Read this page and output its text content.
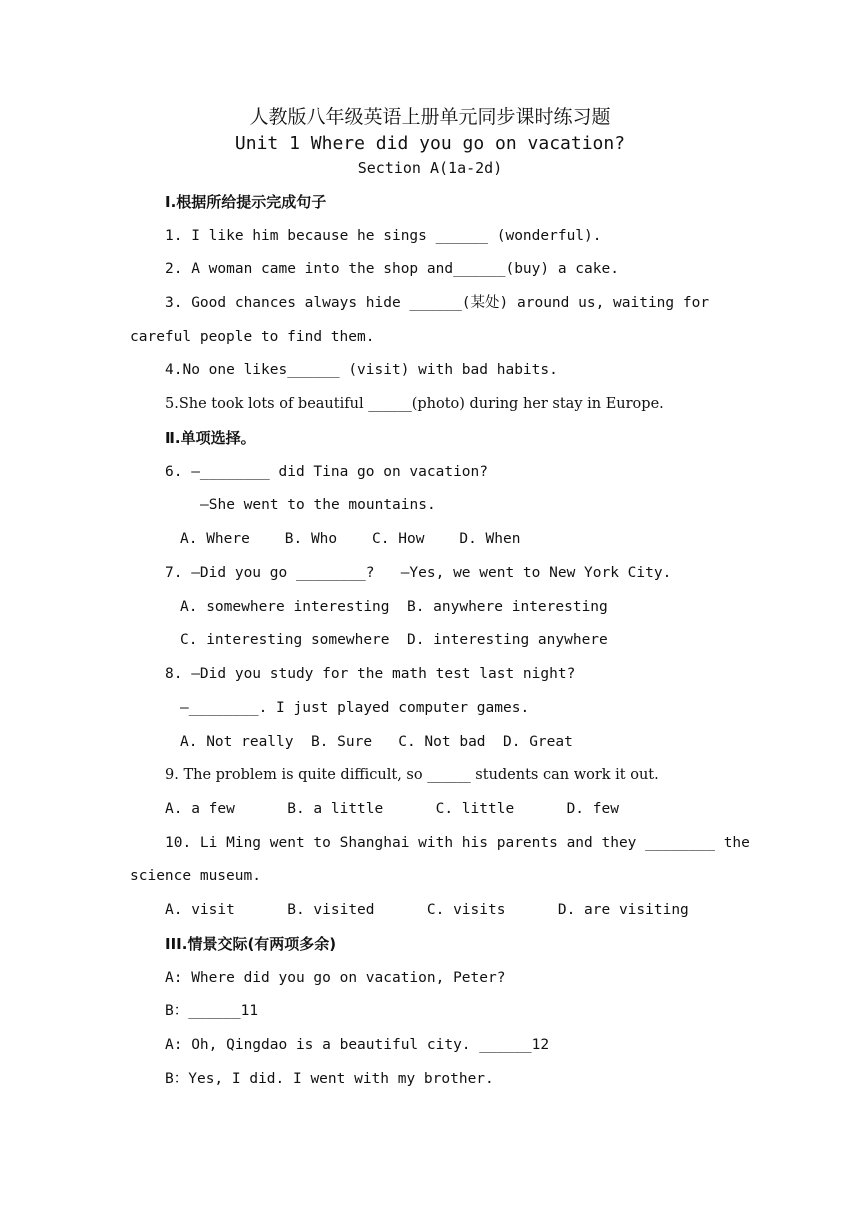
人教版八年级英语上册单元同步课时练习题
Unit 1 Where did you go on vacation?
Section A(1a-2d)
I.根据所给提示完成句子
1. I like him because he sings ______ (wonderful).
2. A woman came into the shop and______(buy) a cake.
3. Good chances always hide ______(某处) around us, waiting for
careful people to find them.
4.No one likes______ (visit) with bad habits.
5.She took lots of beautiful ______(photo) during her stay in Europe.
Ⅱ.单项选择。
6. —________ did Tina go on vacation?
—She went to the mountains.
A. Where    B. Who    C. How    D. When
7. —Did you go ________?   —Yes, we went to New York City.
A. somewhere interesting  B. anywhere interesting
C. interesting somewhere  D. interesting anywhere
8. —Did you study for the math test last night?
—________. I just played computer games.
A. Not really  B. Sure   C. Not bad  D. Great
9. The problem is quite difficult, so ______ students can work it out.
A. a few      B. a little      C. little      D. few
10. Li Ming went to Shanghai with his parents and they ________ the
science museum.
A. visit      B. visited      C. visits      D. are visiting
III.情景交际(有两项多余)
A: Where did you go on vacation, Peter?
B：______11
A: Oh, Qingdao is a beautiful city. ______12
B：Yes, I did. I went with my brother.
